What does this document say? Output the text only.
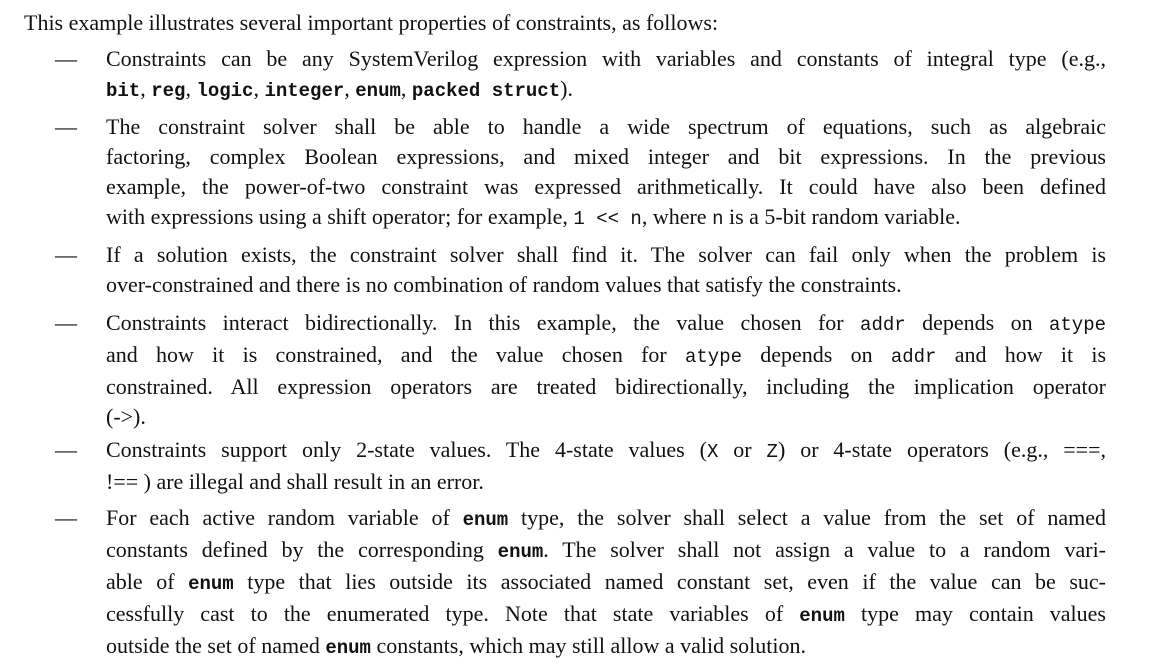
This example illustrates several important properties of constraints, as follows:
— Constraints can be any SystemVerilog expression with variables and constants of integral type (e.g.,
bit, reg, logic, integer, enum, packed struct).
— The constraint solver shall be able to handle a wide spectrum of equations, such as algebraic
factoring, complex Boolean expressions, and mixed integer and bit expressions. In the previous
example, the power-of-two constraint was expressed arithmetically. It could have also been defined
with expressions using a shift operator; for example, 1 << n, where n is a 5-bit random variable.
— If a solution exists, the constraint solver shall find it. The solver can fail only when the problem is
over-constrained and there is no combination of random values that satisfy the constraints.
— Constraints interact bidirectionally. In this example, the value chosen for addr depends on atype
and how it is constrained, and the value chosen for atype depends on addr and how it is
constrained. All expression operators are treated bidirectionally, including the implication operator
(->).
— Constraints support only 2-state values. The 4-state values (X or Z) or 4-state operators (e.g., ===,
!== ) are illegal and shall result in an error.
— For each active random variable of enum type, the solver shall select a value from the set of named
constants defined by the corresponding enum. The solver shall not assign a value to a random vari-
able of enum type that lies outside its associated named constant set, even if the value can be suc-
cessfully cast to the enumerated type. Note that state variables of enum type may contain values
outside the set of named enum constants, which may still allow a valid solution.
